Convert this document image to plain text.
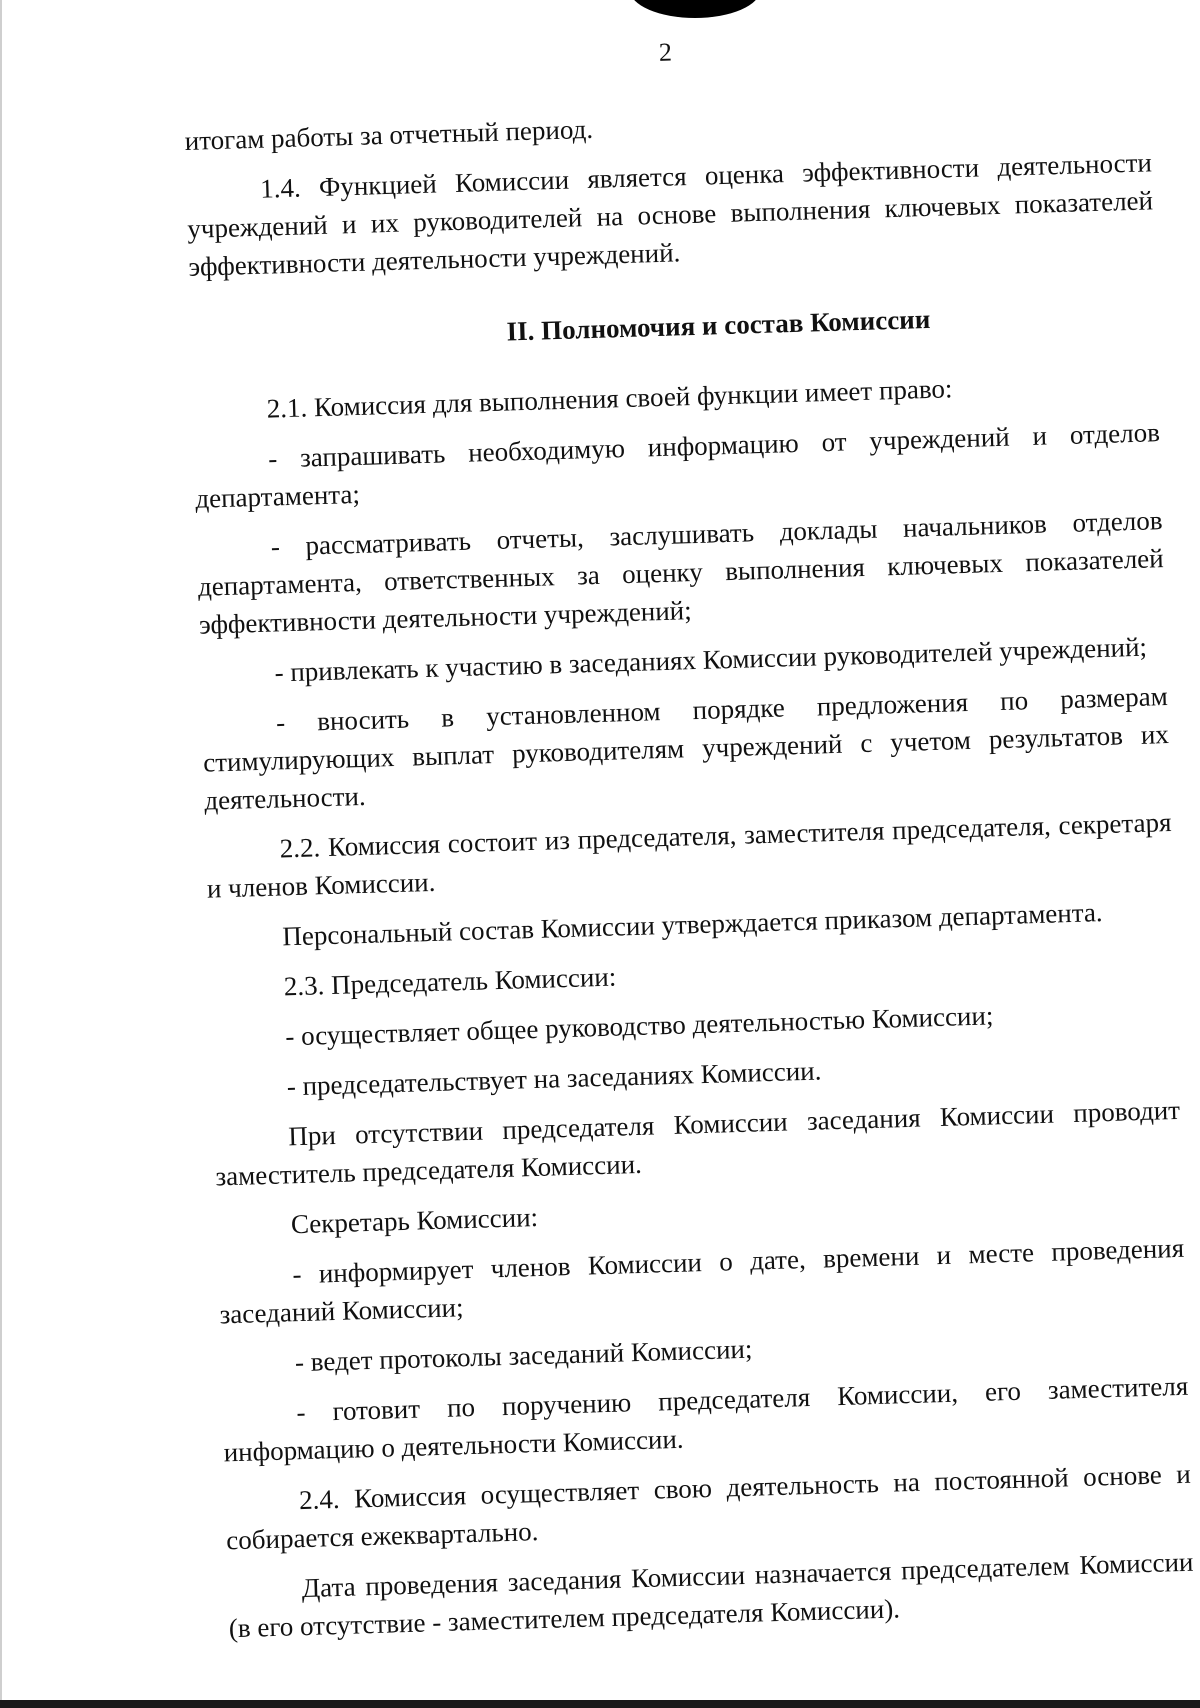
2

итогам работы за отчетный период.

1.4. Функцией Комиссии является оценка эффективности деятельности учреждений и их руководителей на основе выполнения ключевых показателей эффективности деятельности учреждений.

II. Полномочия и состав Комиссии

2.1. Комиссия для выполнения своей функции имеет право:

- запрашивать необходимую информацию от учреждений и отделов департамента;

- рассматривать отчеты, заслушивать доклады начальников отделов департамента, ответственных за оценку выполнения ключевых показателей эффективности деятельности учреждений;

- привлекать к участию в заседаниях Комиссии руководителей учреждений;

- вносить в установленном порядке предложения по размерам стимулирующих выплат руководителям учреждений с учетом результатов их деятельности.

2.2. Комиссия состоит из председателя, заместителя председателя, секретаря и членов Комиссии.

Персональный состав Комиссии утверждается приказом департамента.

2.3. Председатель Комиссии:

- осуществляет общее руководство деятельностью Комиссии;

- председательствует на заседаниях Комиссии.

При отсутствии председателя Комиссии заседания Комиссии проводит заместитель председателя Комиссии.

Секретарь Комиссии:

- информирует членов Комиссии о дате, времени и месте проведения заседаний Комиссии;

- ведет протоколы заседаний Комиссии;

- готовит по поручению председателя Комиссии, его заместителя информацию о деятельности Комиссии.

2.4. Комиссия осуществляет свою деятельность на постоянной основе и собирается ежеквартально.

Дата проведения заседания Комиссии назначается председателем Комиссии (в его отсутствие - заместителем председателя Комиссии).
